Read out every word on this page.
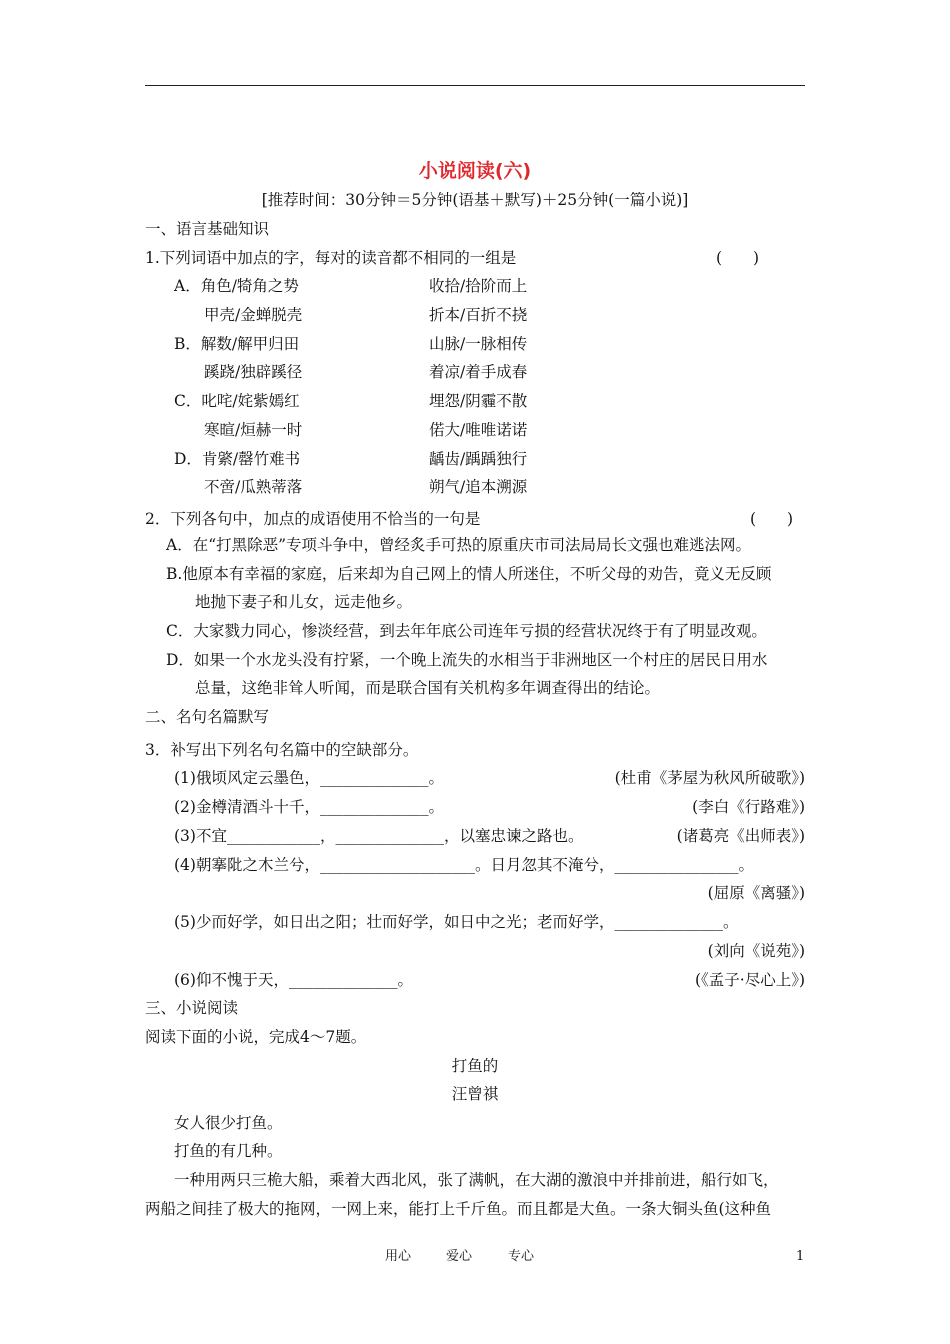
小说阅读(六)
[推荐时间：30分钟＝5分钟(语基＋默写)＋25分钟(一篇小说)]
一、语言基础知识
1.下列词语中加点的字，每对的读音都不相同的一组是	(　　)
A．角色/犄角之势	收拾/拾阶而上
甲壳/金蝉脱壳	折本/百折不挠
B．解数/解甲归田	山脉/一脉相传
蹊跷/独辟蹊径	着凉/着手成春
C．叱咤/姹紫嫣红	埋怨/阴霾不散
寒暄/烜赫一时	偌大/唯唯诺诺
D．肯綮/罄竹难书	龋齿/踽踽独行
不啻/瓜熟蒂落	朔气/追本溯源
2．下列各句中，加点的成语使用不恰当的一句是	(　　)
A．在“打黑除恶”专项斗争中，曾经炙手可热的原重庆市司法局局长文强也难逃法网。
B.他原本有幸福的家庭，后来却为自己网上的情人所迷住，不听父母的劝告，竟义无反顾
地抛下妻子和儿女，远走他乡。
C．大家戮力同心，惨淡经营，到去年年底公司连年亏损的经营状况终于有了明显改观。
D．如果一个水龙头没有拧紧，一个晚上流失的水相当于非洲地区一个村庄的居民日用水
总量，这绝非耸人听闻，而是联合国有关机构多年调查得出的结论。
二、名句名篇默写
3．补写出下列名句名篇中的空缺部分。
(1)俄顷风定云墨色，______________。	(杜甫《茅屋为秋风所破歌》)
(2)金樽清酒斗十千，______________。	(李白《行路难》)
(3)不宜____________，______________，以塞忠谏之路也。	(诸葛亮《出师表》)
(4)朝搴阰之木兰兮，____________________。日月忽其不淹兮，________________。
(屈原《离骚》)
(5)少而好学，如日出之阳；壮而好学，如日中之光；老而好学，______________。
(刘向《说苑》)
(6)仰不愧于天，______________。	(《孟子·尽心上》)
三、小说阅读
阅读下面的小说，完成4～7题。
打鱼的
汪曾祺
女人很少打鱼。
打鱼的有几种。
一种用两只三桅大船，乘着大西北风，张了满帆，在大湖的激浪中并排前进，船行如飞，
两船之间挂了极大的拖网，一网上来，能打上千斤鱼。而且都是大鱼。一条大铜头鱼(这种鱼
用心	爱心	专心	1
